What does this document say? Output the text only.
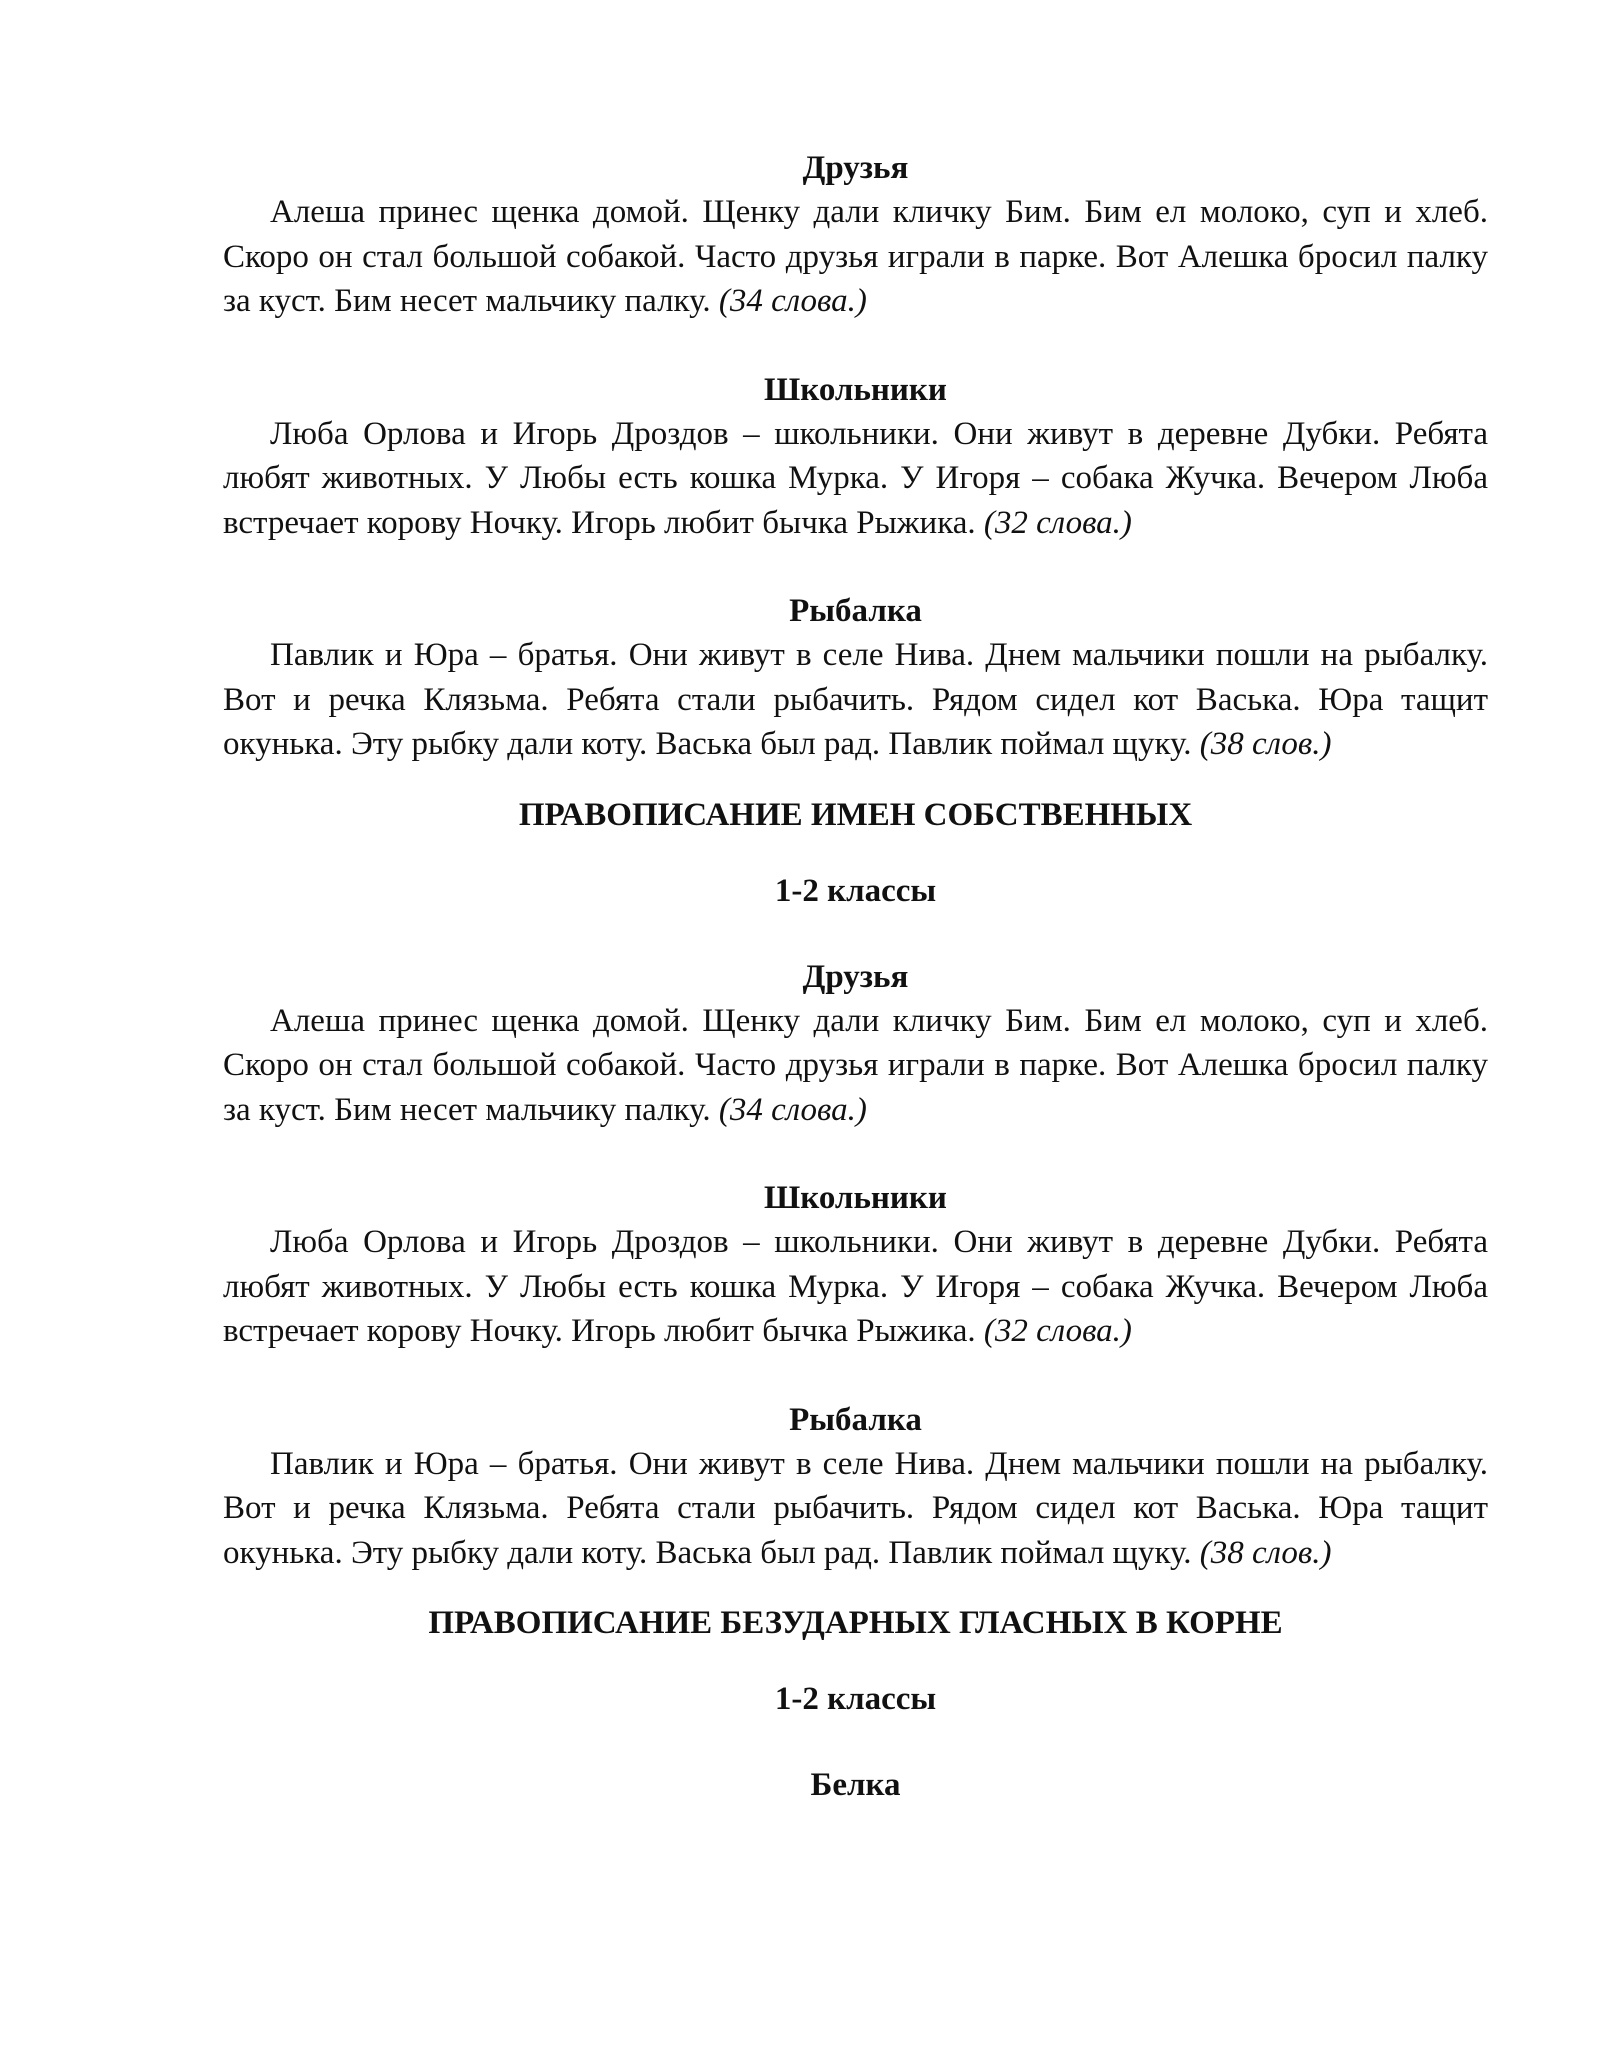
Друзья

Алеша принес щенка домой. Щенку дали кличку Бим. Бим ел молоко, суп и хлеб. Скоро он стал большой собакой. Часто друзья играли в парке. Вот Алешка бросил палку за куст. Бим несет мальчику палку. (34 слова.)

Школьники

Люба Орлова и Игорь Дроздов – школьники. Они живут в деревне Дубки. Ребята любят животных. У Любы есть кошка Мурка. У Игоря – собака Жучка. Вечером Люба встречает корову Ночку. Игорь любит бычка Рыжика. (32 слова.)

Рыбалка

Павлик и Юра – братья. Они живут в селе Нива. Днем мальчики пошли на рыбалку. Вот и речка Клязьма. Ребята стали рыбачить. Рядом сидел кот Васька. Юра тащит окунька. Эту рыбку дали коту. Васька был рад. Павлик поймал щуку. (38 слов.)

ПРАВОПИСАНИЕ ИМЕН СОБСТВЕННЫХ

1-2 классы

Друзья

Алеша принес щенка домой. Щенку дали кличку Бим. Бим ел молоко, суп и хлеб. Скоро он стал большой собакой. Часто друзья играли в парке. Вот Алешка бросил палку за куст. Бим несет мальчику палку. (34 слова.)

Школьники

Люба Орлова и Игорь Дроздов – школьники. Они живут в деревне Дубки. Ребята любят животных. У Любы есть кошка Мурка. У Игоря – собака Жучка. Вечером Люба встречает корову Ночку. Игорь любит бычка Рыжика. (32 слова.)

Рыбалка

Павлик и Юра – братья. Они живут в селе Нива. Днем мальчики пошли на рыбалку. Вот и речка Клязьма. Ребята стали рыбачить. Рядом сидел кот Васька. Юра тащит окунька. Эту рыбку дали коту. Васька был рад. Павлик поймал щуку. (38 слов.)

ПРАВОПИСАНИЕ БЕЗУДАРНЫХ ГЛАСНЫХ В КОРНЕ

1-2 классы

Белка
